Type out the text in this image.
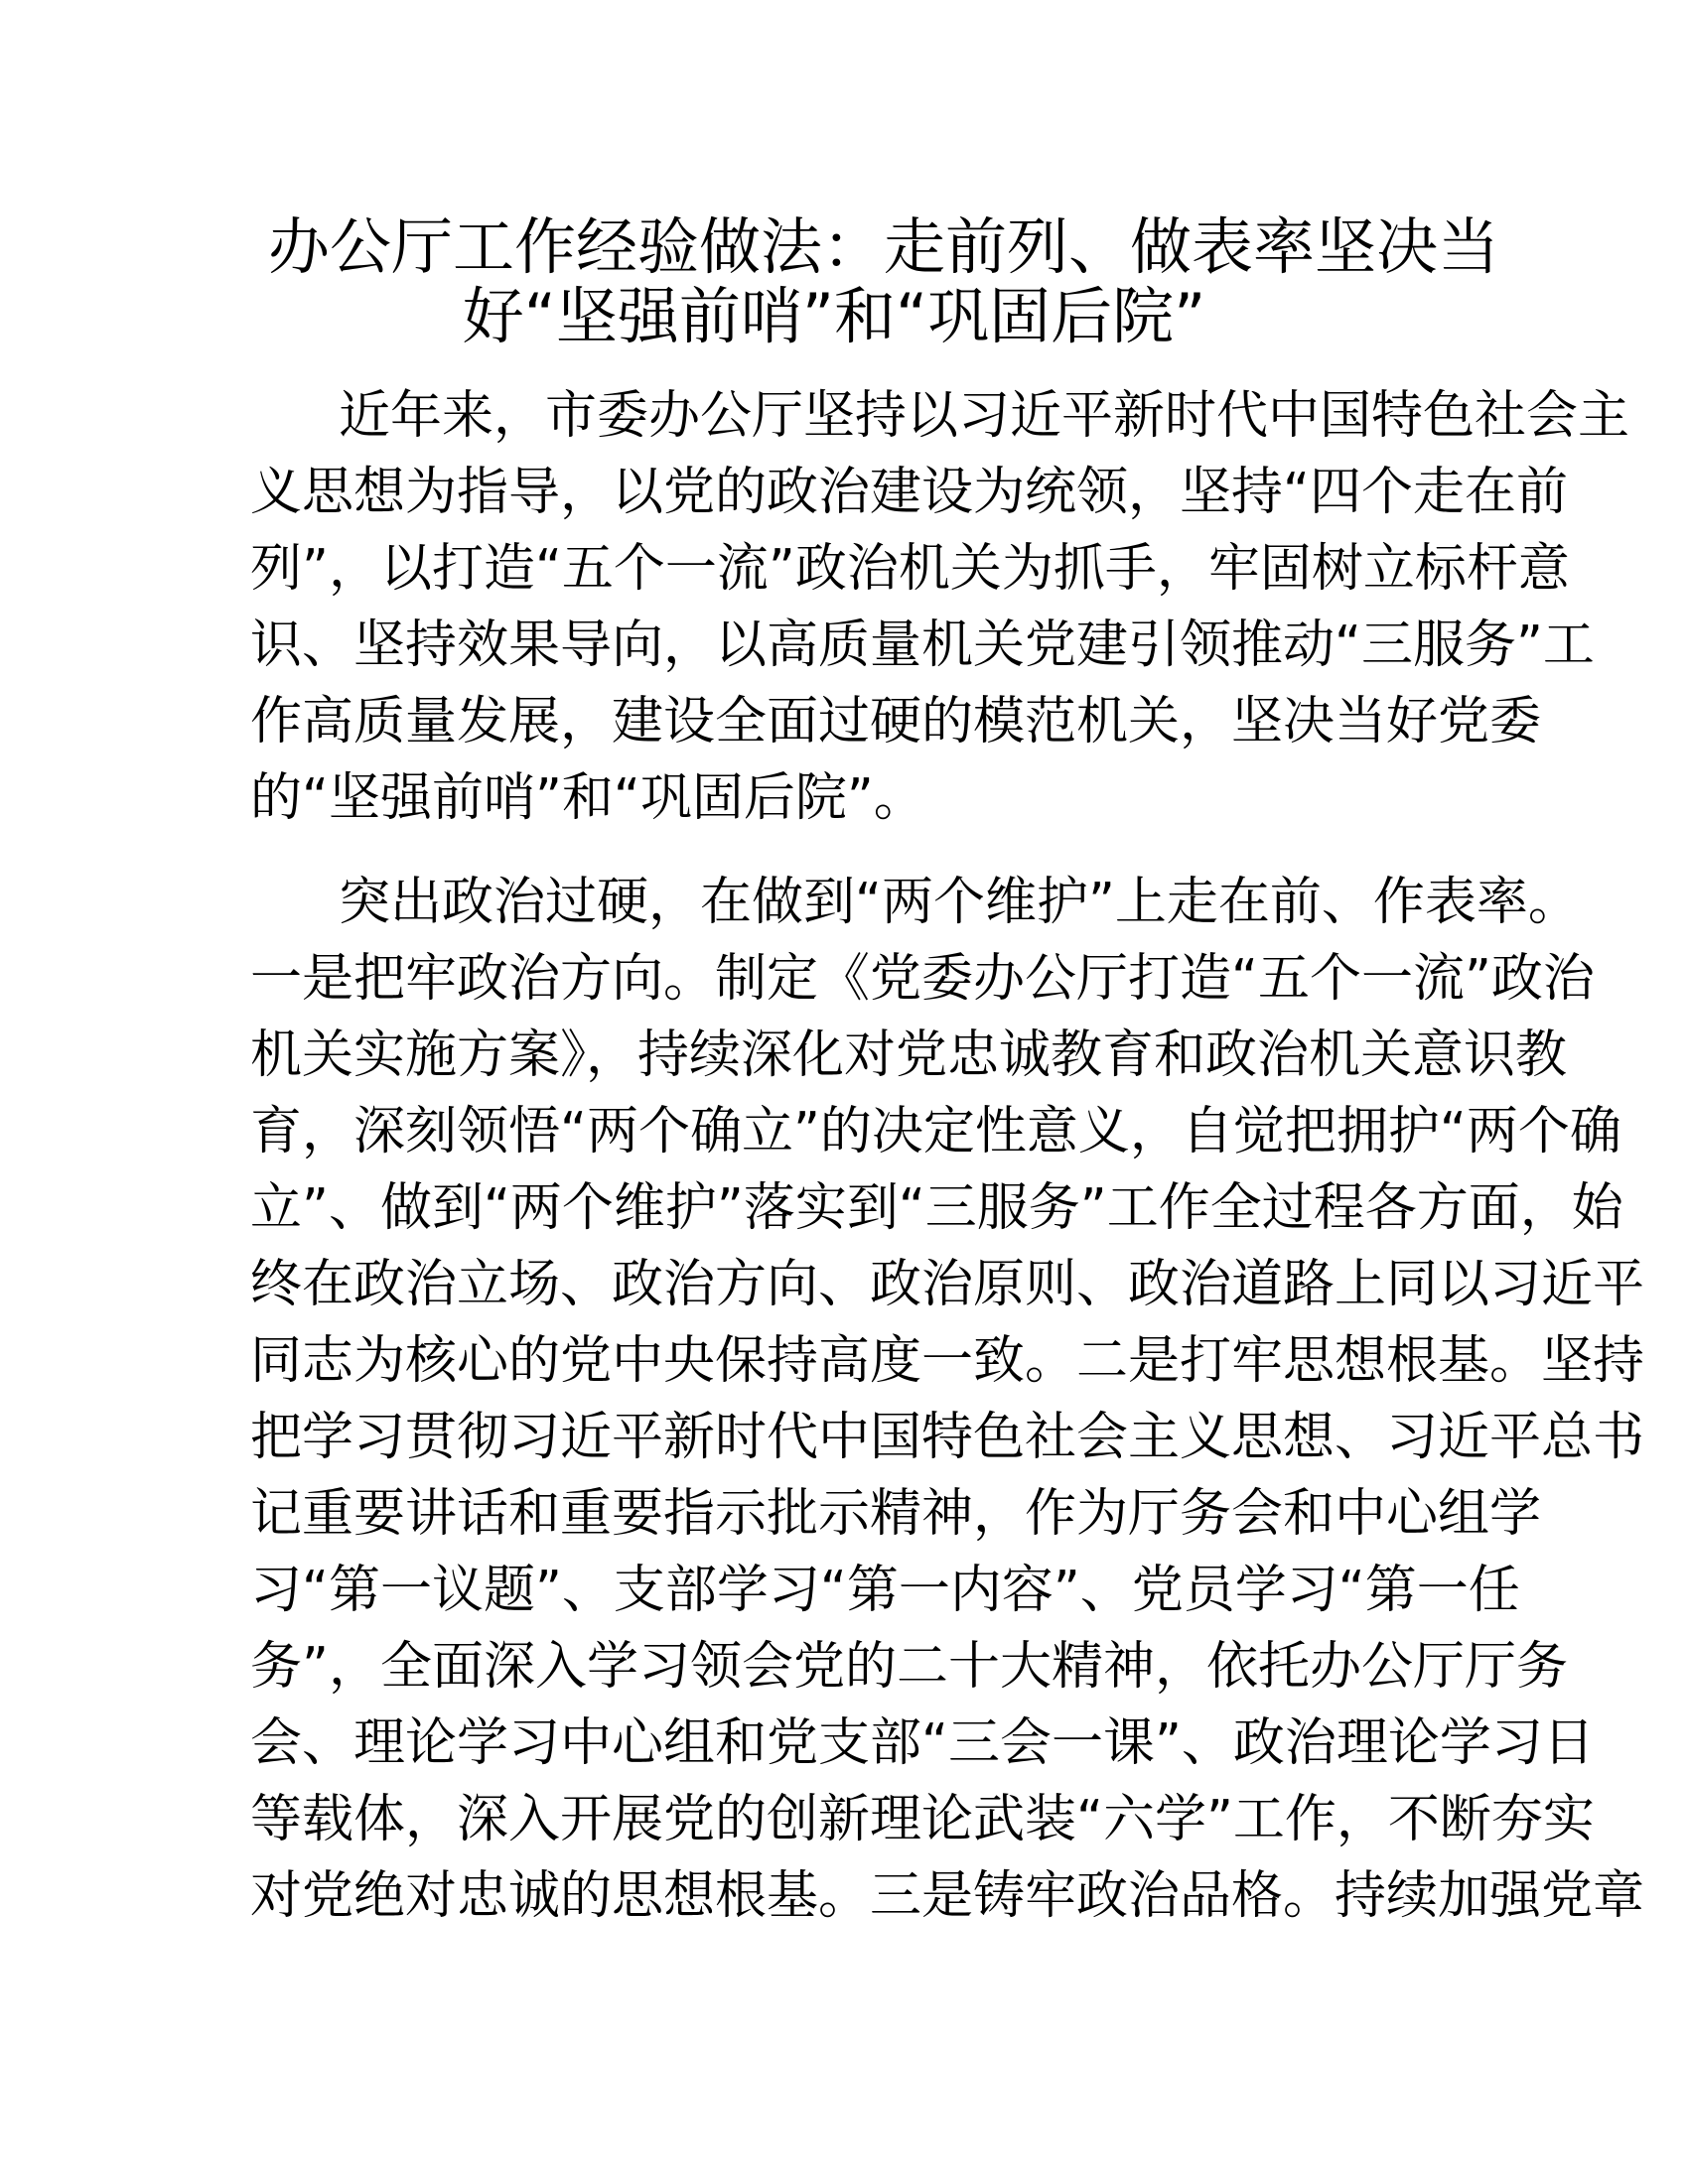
办公厅工作经验做法：走前列、做表率坚决当
好“坚强前哨”和“巩固后院”
近年来，市委办公厅坚持以习近平新时代中国特色社会主
义思想为指导，以党的政治建设为统领，坚持“四个走在前
列”，以打造“五个一流”政治机关为抓手，牢固树立标杆意
识、坚持效果导向，以高质量机关党建引领推动“三服务”工
作高质量发展，建设全面过硬的模范机关，坚决当好党委
的“坚强前哨”和“巩固后院”。
突出政治过硬，在做到“两个维护”上走在前、作表率。
一是把牢政治方向。制定《党委办公厅打造“五个一流”政治
机关实施方案》，持续深化对党忠诚教育和政治机关意识教
育，深刻领悟“两个确立”的决定性意义，自觉把拥护“两个确
立”、做到“两个维护”落实到“三服务”工作全过程各方面，始
终在政治立场、政治方向、政治原则、政治道路上同以习近平
同志为核心的党中央保持高度一致。二是打牢思想根基。坚持
把学习贯彻习近平新时代中国特色社会主义思想、习近平总书
记重要讲话和重要指示批示精神，作为厅务会和中心组学
习“第一议题”、支部学习“第一内容”、党员学习“第一任
务”，全面深入学习领会党的二十大精神，依托办公厅厅务
会、理论学习中心组和党支部“三会一课”、政治理论学习日
等载体，深入开展党的创新理论武装“六学”工作，不断夯实
对党绝对忠诚的思想根基。三是铸牢政治品格。持续加强党章
